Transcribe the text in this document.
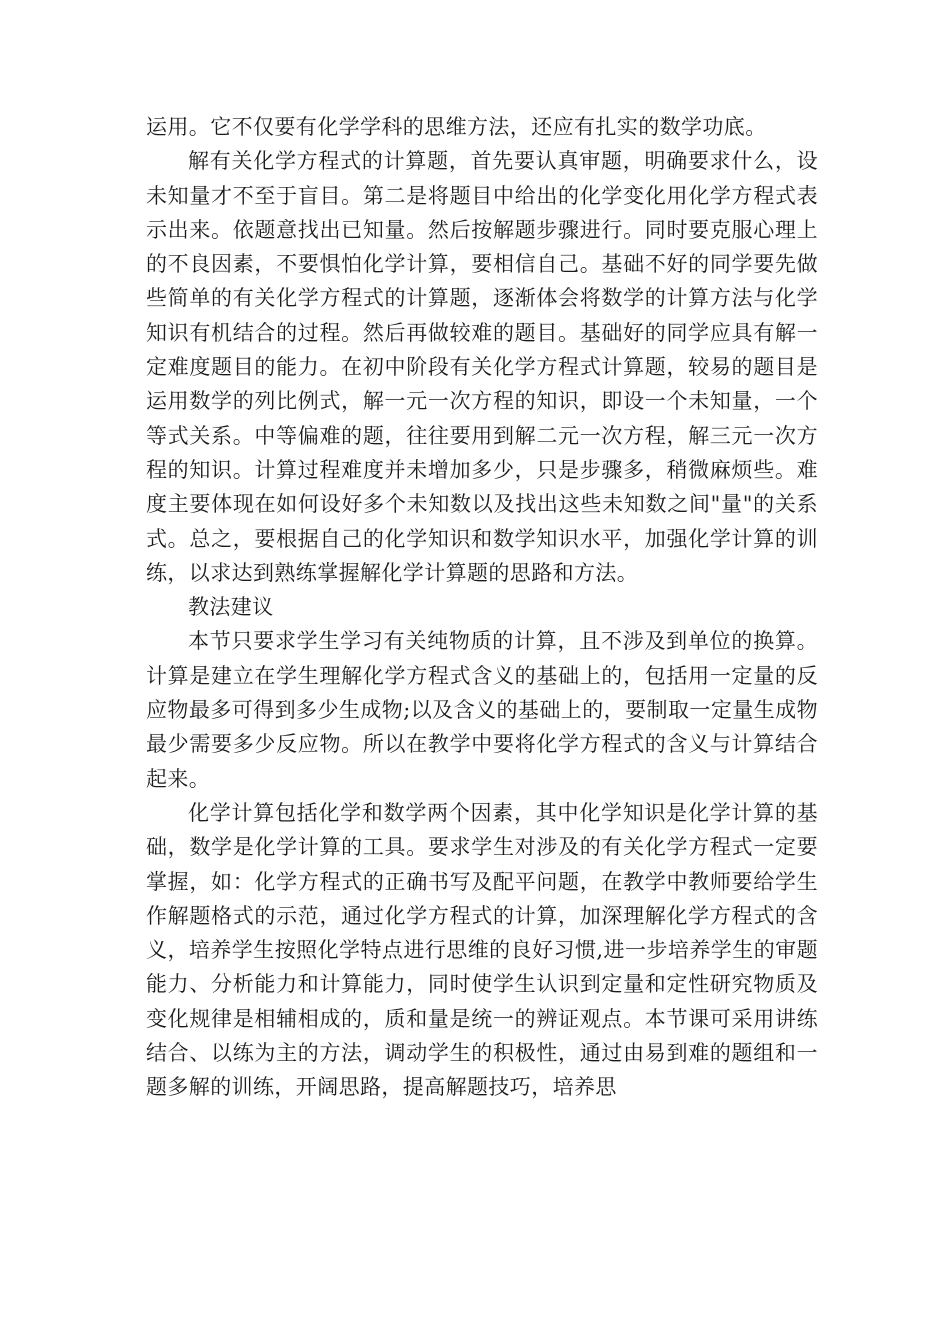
运用。它不仅要有化学学科的思维方法，还应有扎实的数学功底。

解有关化学方程式的计算题，首先要认真审题，明确要求什么，设未知量才不至于盲目。第二是将题目中给出的化学变化用化学方程式表示出来。依题意找出已知量。然后按解题步骤进行。同时要克服心理上的不良因素，不要惧怕化学计算，要相信自己。基础不好的同学要先做些简单的有关化学方程式的计算题，逐渐体会将数学的计算方法与化学知识有机结合的过程。然后再做较难的题目。基础好的同学应具有解一定难度题目的能力。在初中阶段有关化学方程式计算题，较易的题目是运用数学的列比例式，解一元一次方程的知识，即设一个未知量，一个等式关系。中等偏难的题，往往要用到解二元一次方程，解三元一次方程的知识。计算过程难度并未增加多少，只是步骤多，稍微麻烦些。难度主要体现在如何设好多个未知数以及找出这些未知数之间"量"的关系式。总之，要根据自己的化学知识和数学知识水平，加强化学计算的训练，以求达到熟练掌握解化学计算题的思路和方法。

教法建议

本节只要求学生学习有关纯物质的计算，且不涉及到单位的换算。计算是建立在学生理解化学方程式含义的基础上的，包括用一定量的反应物最多可得到多少生成物;以及含义的基础上的，要制取一定量生成物最少需要多少反应物。所以在教学中要将化学方程式的含义与计算结合起来。

化学计算包括化学和数学两个因素，其中化学知识是化学计算的基础，数学是化学计算的工具。要求学生对涉及的有关化学方程式一定要掌握，如：化学方程式的正确书写及配平问题，在教学中教师要给学生作解题格式的示范，通过化学方程式的计算，加深理解化学方程式的含义，培养学生按照化学特点进行思维的良好习惯,进一步培养学生的审题能力、分析能力和计算能力，同时使学生认识到定量和定性研究物质及变化规律是相辅相成的，质和量是统一的辨证观点。本节课可采用讲练结合、以练为主的方法，调动学生的积极性，通过由易到难的题组和一题多解的训练，开阔思路，提高解题技巧，培养思
